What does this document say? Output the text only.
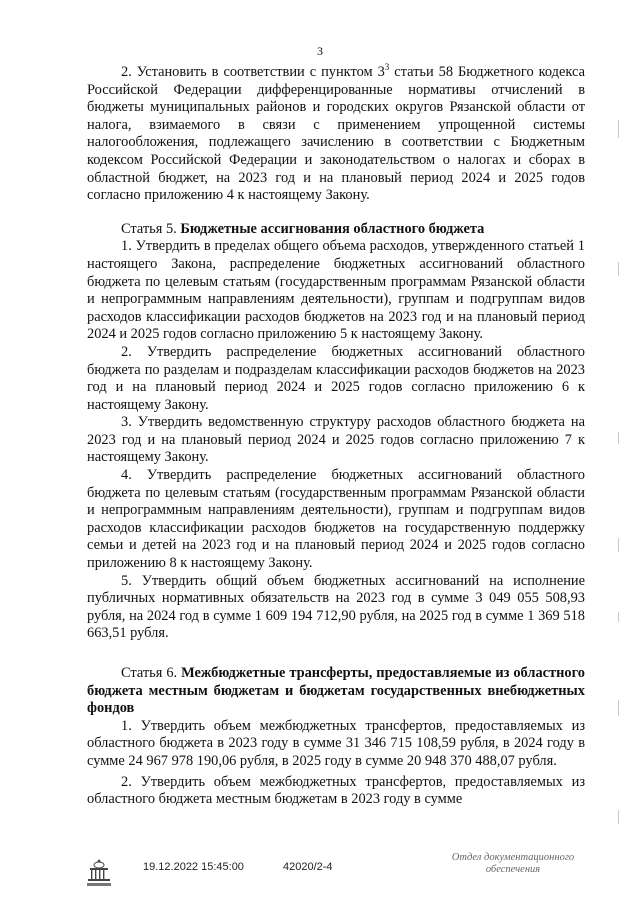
3

2. Установить в соответствии с пунктом $3^3$ статьи 58 Бюджетного кодекса Российской Федерации дифференцированные нормативы отчислений в бюджеты муниципальных районов и городских округов Рязанской области от налога, взимаемого в связи с применением упрощенной системы налогообложения, подлежащего зачислению в соответствии с Бюджетным кодексом Российской Федерации и законодательством о налогах и сборах в областной бюджет, на 2023 год и на плановый период 2024 и 2025 годов согласно приложению 4 к настоящему Закону.

Статья 5. Бюджетные ассигнования областного бюджета

1. Утвердить в пределах общего объема расходов, утвержденного статьей 1 настоящего Закона, распределение бюджетных ассигнований областного бюджета по целевым статьям (государственным программам Рязанской области и непрограммным направлениям деятельности), группам и подгруппам видов расходов классификации расходов бюджетов на 2023 год и на плановый период 2024 и 2025 годов согласно приложению 5 к настоящему Закону.

2. Утвердить распределение бюджетных ассигнований областного бюджета по разделам и подразделам классификации расходов бюджетов на 2023 год и на плановый период 2024 и 2025 годов согласно приложению 6 к настоящему Закону.

3. Утвердить ведомственную структуру расходов областного бюджета на 2023 год и на плановый период 2024 и 2025 годов согласно приложению 7 к настоящему Закону.

4. Утвердить распределение бюджетных ассигнований областного бюджета по целевым статьям (государственным программам Рязанской области и непрограммным направлениям деятельности), группам и подгруппам видов расходов классификации расходов бюджетов на государственную поддержку семьи и детей на 2023 год и на плановый период 2024 и 2025 годов согласно приложению 8 к настоящему Закону.

5. Утвердить общий объем бюджетных ассигнований на исполнение публичных нормативных обязательств на 2023 год в сумме 3 049 055 508,93 рубля, на 2024 год в сумме 1 609 194 712,90 рубля, на 2025 год в сумме 1 369 518 663,51 рубля.

Статья 6. Межбюджетные трансферты, предоставляемые из областного бюджета местным бюджетам и бюджетам государственных внебюджетных фондов

1. Утвердить объем межбюджетных трансфертов, предоставляемых из областного бюджета в 2023 году в сумме 31 346 715 108,59 рубля, в 2024 году в сумме 24 967 978 190,06 рубля, в 2025 году в сумме 20 948 370 488,07 рубля.

2. Утвердить объем межбюджетных трансфертов, предоставляемых из областного бюджета местным бюджетам в 2023 году в сумме

19.12.2022 15:45:00	42020/2-4
Отдел документационного
обеспечения
